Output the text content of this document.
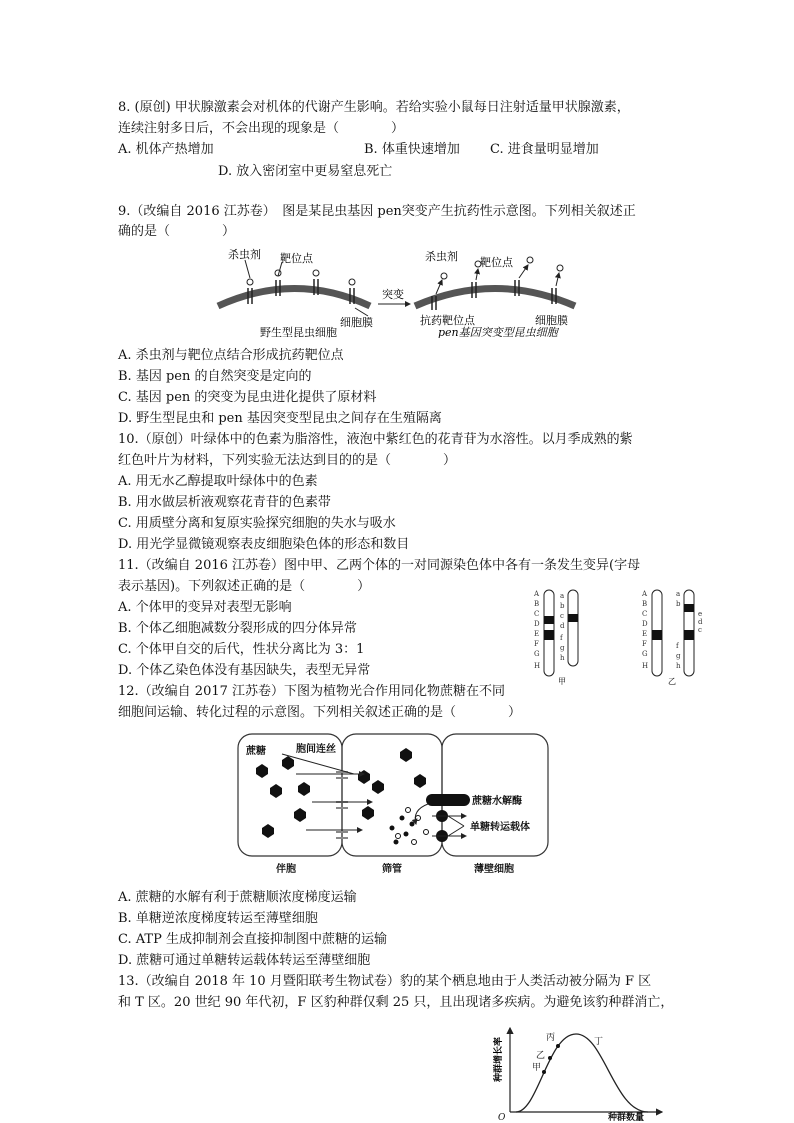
8. (原创) 甲状腺激素会对机体的代谢产生影响。若给实验小鼠每日注射适量甲状腺激素，
连续注射多日后，不会出现的现象是（　　　　）
A. 机体产热增加	B. 体重快速增加 C. 进食量明显增加
D. 放入密闭室中更易窒息死亡
9.（改编自 2016 江苏卷）　图是某昆虫基因 pen突变产生抗药性示意图。下列相关叙述正
确的是（　　　　）
杀虫剂 靶位点
细胞膜
野生型昆虫细胞
突变
杀虫剂 靶位点
抗药靶位点	细胞膜
pen基因突变型昆虫细胞
A. 杀虫剂与靶位点结合形成抗药靶位点
B. 基因 pen 的自然突变是定向的
C. 基因 pen 的突变为昆虫进化提供了原材料
D. 野生型昆虫和 pen 基因突变型昆虫之间存在生殖隔离
10.（原创）叶绿体中的色素为脂溶性，液泡中紫红色的花青苷为水溶性。以月季成熟的紫
红色叶片为材料，下列实验无法达到目的的是（　　　　）
A. 用无水乙醇提取叶绿体中的色素
B. 用水做层析液观察花青苷的色素带
C. 用质壁分离和复原实验探究细胞的失水与吸水
D. 用光学显微镜观察表皮细胞染色体的形态和数目
11.（改编自 2016 江苏卷）图中甲、乙两个体的一对同源染色体中各有一条发生变异(字母
表示基因)。下列叙述正确的是（　　　　）
A. 个体甲的变异对表型无影响
B. 个体乙细胞减数分裂形成的四分体异常
C. 个体甲自交的后代，性状分离比为 3：1
D. 个体乙染色体没有基因缺失，表型无异常
A
B
C
D
E
F
G
H
a
b
c
d
f
g
h
甲
A
B
C
D
E
F
G
H
a
b
e
d
c
f
g
h
乙
12.（改编自 2017 江苏卷）下图为植物光合作用同化物蔗糖在不同
细胞间运输、转化过程的示意图。下列相关叙述正确的是（　　　　）
蔗糖	胞间连丝
蔗糖水解酶
单糖转运载体
伴胞	筛管	薄壁细胞
A. 蔗糖的水解有利于蔗糖顺浓度梯度运输
B. 单糖逆浓度梯度转运至薄壁细胞
C. ATP 生成抑制剂会直接抑制图中蔗糖的运输
D. 蔗糖可通过单糖转运载体转运至薄壁细胞
13.（改编自 2018 年 10 月暨阳联考生物试卷）豹的某个栖息地由于人类活动被分隔为 F 区
和 T 区。20 世纪 90 年代初，F 区豹种群仅剩 25 只，且出现诸多疾病。为避免该豹种群消亡，
甲
乙
丙	丁
O	种群数量
种群增长率
